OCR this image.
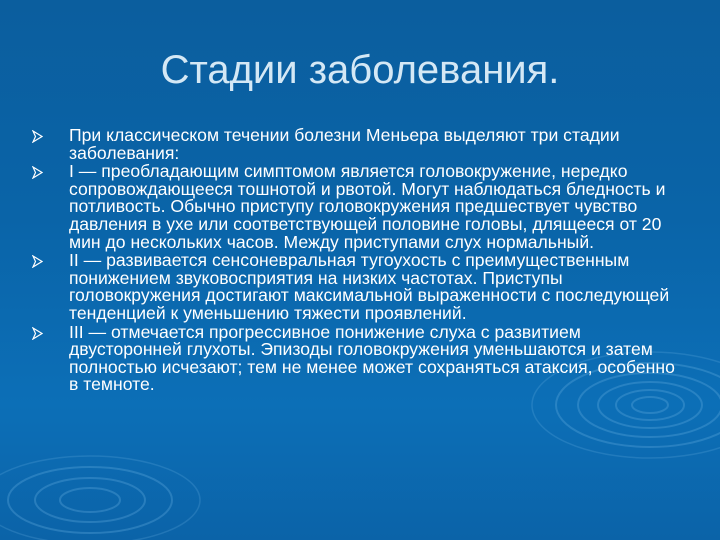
Стадии заболевания.
При классическом течении болезни Меньера выделяют три стадии заболевания:
I — преобладающим симптомом является головокружение, нередко сопровождающееся тошнотой и рвотой. Могут наблюдаться бледность и потливость. Обычно приступу головокружения предшествует чувство давления в ухе или соответствующей половине головы, длящееся от 20 мин до нескольких часов. Между приступами слух нормальный.
II — развивается сенсоневральная тугоухость с преимущественным понижением звуковосприятия на низких частотах. Приступы головокружения достигают максимальной выраженности с последующей тенденцией к уменьшению тяжести проявлений.
III — отмечается прогрессивное понижение слуха с развитием двусторонней глухоты. Эпизоды головокружения уменьшаются и затем полностью исчезают; тем не менее может сохраняться атаксия, особенно в темноте.
